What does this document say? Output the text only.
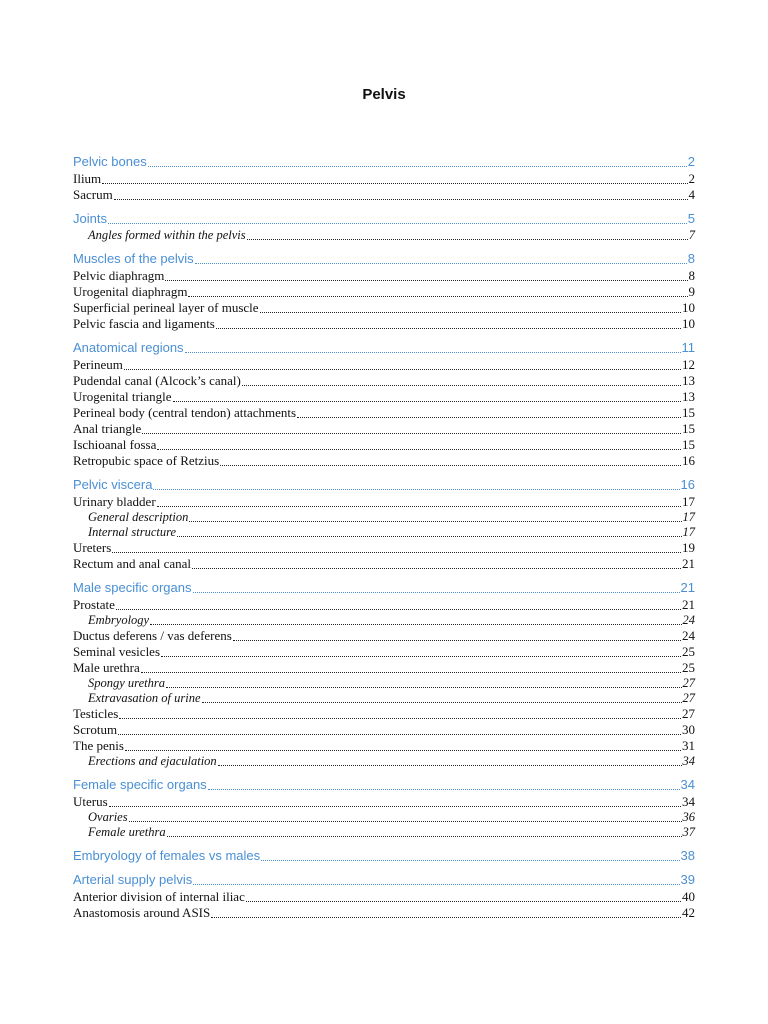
Pelvis
Pelvic bones	2
Ilium	2
Sacrum	4
Joints	5
Angles formed within the pelvis	7
Muscles of the pelvis	8
Pelvic diaphragm	8
Urogenital diaphragm	9
Superficial perineal layer of muscle	10
Pelvic fascia and ligaments	10
Anatomical regions	11
Perineum	12
Pudendal canal (Alcock’s canal)	13
Urogenital triangle	13
Perineal body (central tendon) attachments	15
Anal triangle	15
Ischioanal fossa	15
Retropubic space of Retzius	16
Pelvic viscera	16
Urinary bladder	17
General description	17
Internal structure	17
Ureters	19
Rectum and anal canal	21
Male specific organs	21
Prostate	21
Embryology	24
Ductus deferens / vas deferens	24
Seminal vesicles	25
Male urethra	25
Spongy urethra	27
Extravasation of urine	27
Testicles	27
Scrotum	30
The penis	31
Erections and ejaculation	34
Female specific organs	34
Uterus	34
Ovaries	36
Female urethra	37
Embryology of females vs males	38
Arterial supply pelvis	39
Anterior division of internal iliac	40
Anastomosis around ASIS	42
